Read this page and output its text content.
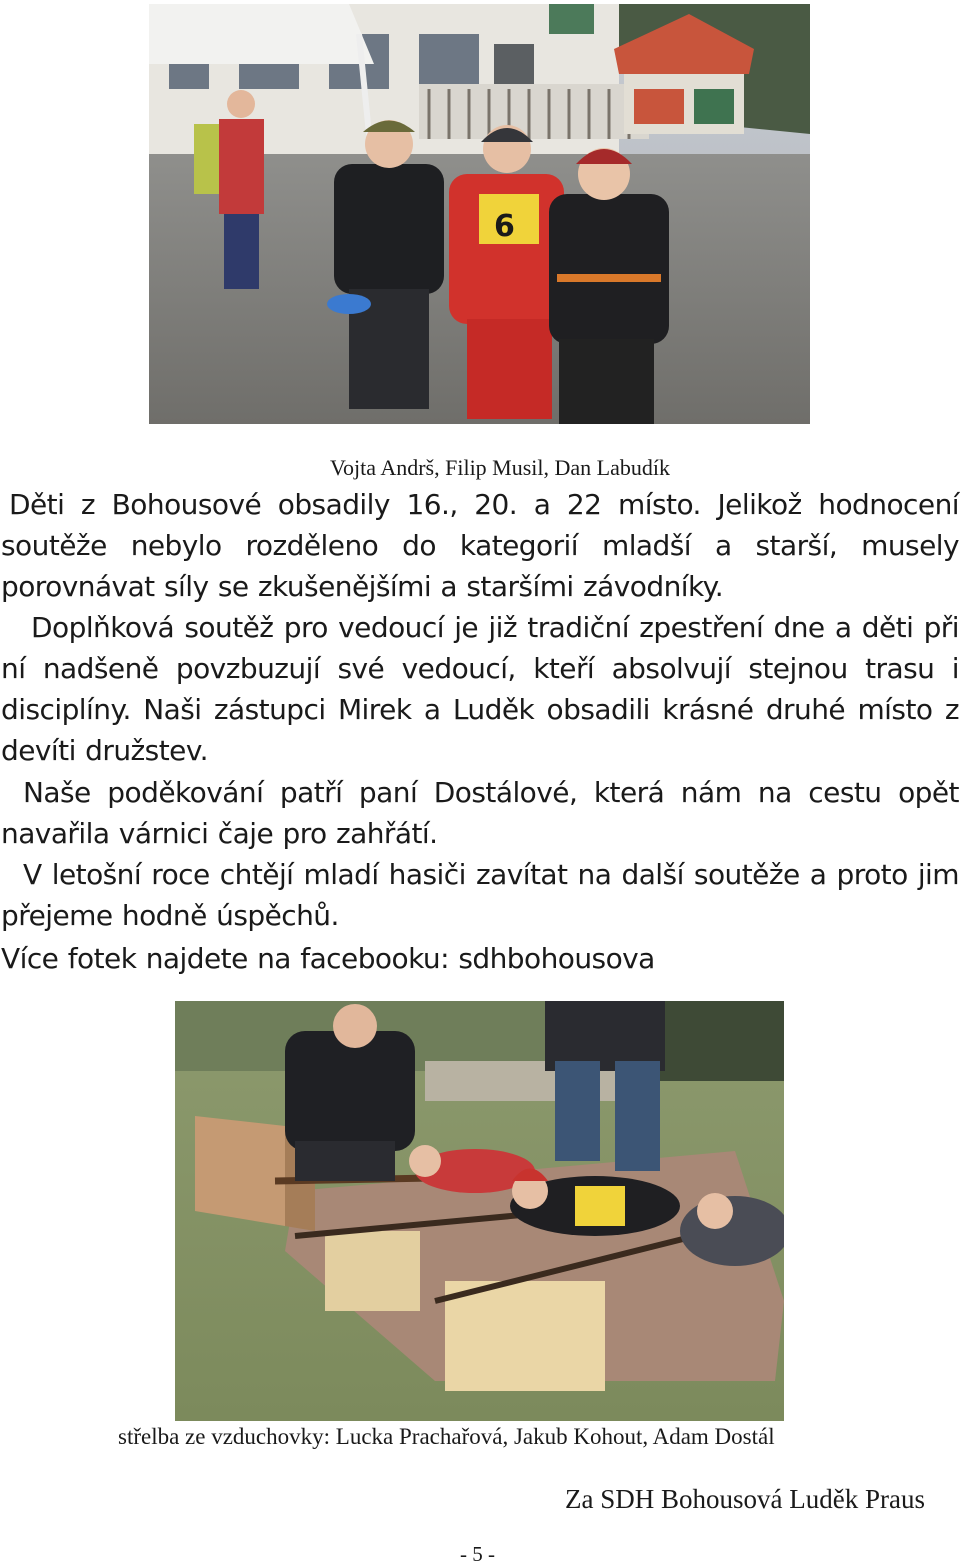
6
Vojta Andrš, Filip Musil, Dan Labudík

Děti z Bohousové obsadily 16., 20. a 22 místo. Jelikož hodnocení soutěže nebylo rozděleno do kategorií mladší a starší, musely porovnávat síly se zkušenějšími a staršími závodníky.

Doplňková soutěž pro vedoucí je již tradiční zpestření dne a děti při ní nadšeně povzbuzují své vedoucí, kteří absolvují stejnou trasu i disciplíny. Naši zástupci Mirek a Luděk obsadili krásné druhé místo z devíti družstev.

Naše poděkování patří paní Dostálové, která nám na cestu opět navařila várnici čaje pro zahřátí.

V letošní roce chtějí mladí hasiči zavítat na další soutěže a proto jim přejeme hodně úspěchů.

Více fotek najdete na facebooku: sdhbohousova

střelba ze vzduchovky: Lucka Prachařová, Jakub Kohout, Adam Dostál
Za SDH Bohousová Luděk Praus
- 5 -
